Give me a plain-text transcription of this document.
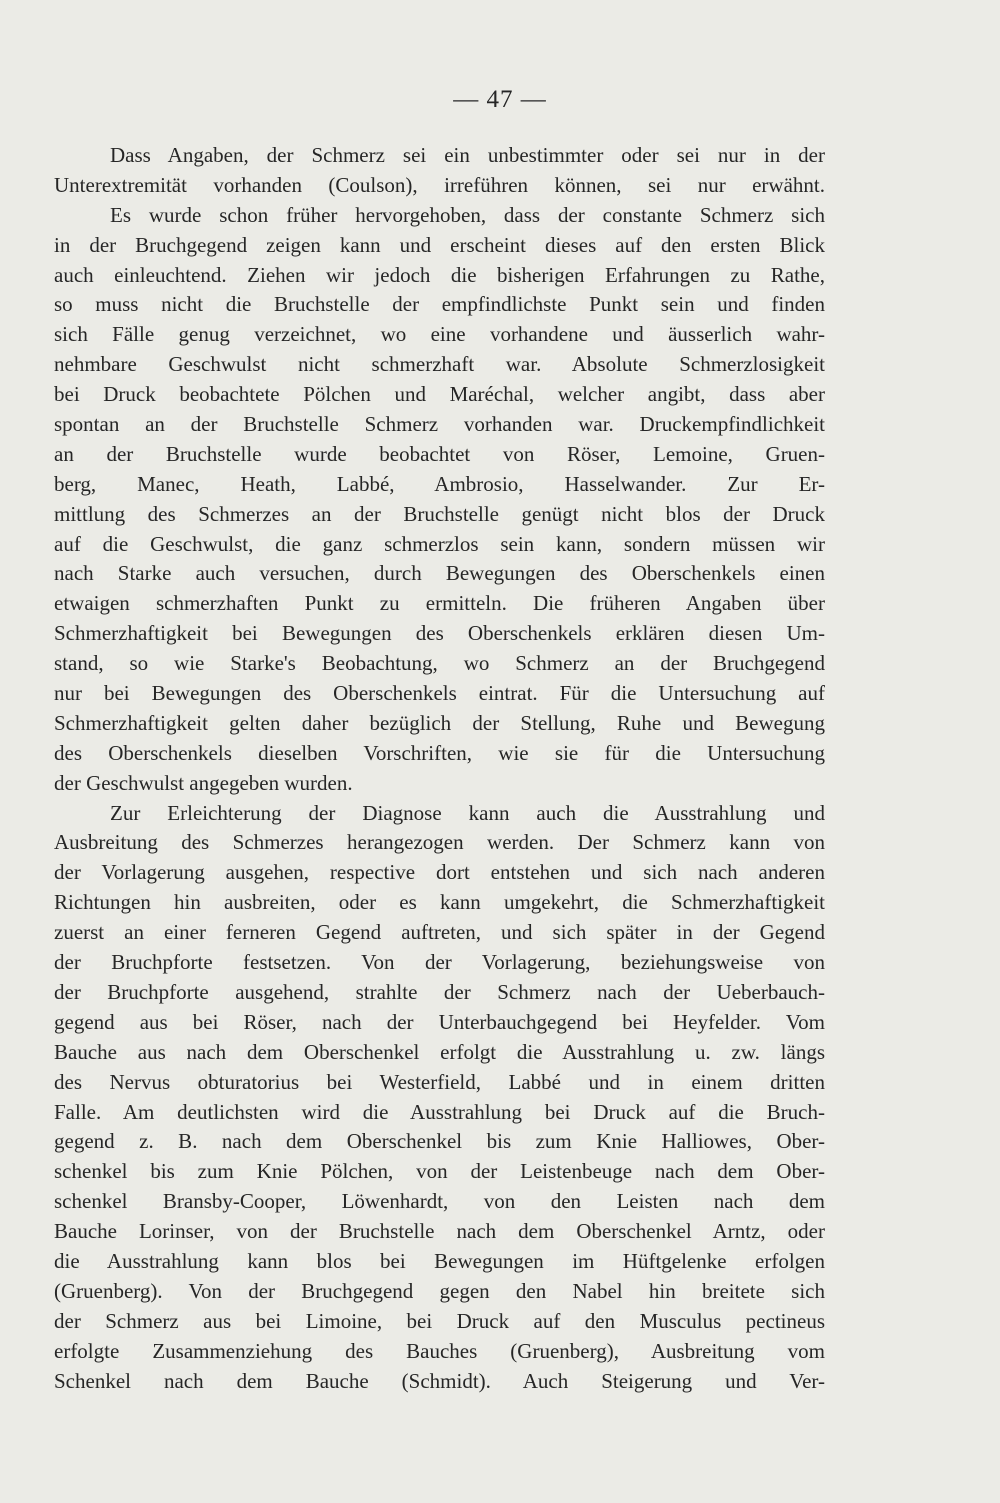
— 47 —
Dass Angaben, der Schmerz sei ein unbestimmter oder sei nur in der
Unterextremität vorhanden (Coulson), irreführen können, sei nur erwähnt.
Es wurde schon früher hervorgehoben, dass der constante Schmerz sich
in der Bruchgegend zeigen kann und erscheint dieses auf den ersten Blick
auch einleuchtend. Ziehen wir jedoch die bisherigen Erfahrungen zu Rathe,
so muss nicht die Bruchstelle der empfindlichste Punkt sein und finden
sich Fälle genug verzeichnet, wo eine vorhandene und äusserlich wahr-
nehmbare Geschwulst nicht schmerzhaft war. Absolute Schmerzlosigkeit
bei Druck beobachtete Pölchen und Maréchal, welcher angibt, dass aber
spontan an der Bruchstelle Schmerz vorhanden war. Druckempfindlichkeit
an der Bruchstelle wurde beobachtet von Röser, Lemoine, Gruen-
berg, Manec, Heath, Labbé, Ambrosio, Hasselwander. Zur Er-
mittlung des Schmerzes an der Bruchstelle genügt nicht blos der Druck
auf die Geschwulst, die ganz schmerzlos sein kann, sondern müssen wir
nach Starke auch versuchen, durch Bewegungen des Oberschenkels einen
etwaigen schmerzhaften Punkt zu ermitteln. Die früheren Angaben über
Schmerzhaftigkeit bei Bewegungen des Oberschenkels erklären diesen Um-
stand, so wie Starke's Beobachtung, wo Schmerz an der Bruchgegend
nur bei Bewegungen des Oberschenkels eintrat. Für die Untersuchung auf
Schmerzhaftigkeit gelten daher bezüglich der Stellung, Ruhe und Bewegung
des Oberschenkels dieselben Vorschriften, wie sie für die Untersuchung
der Geschwulst angegeben wurden.
Zur Erleichterung der Diagnose kann auch die Ausstrahlung und
Ausbreitung des Schmerzes herangezogen werden. Der Schmerz kann von
der Vorlagerung ausgehen, respective dort entstehen und sich nach anderen
Richtungen hin ausbreiten, oder es kann umgekehrt, die Schmerzhaftigkeit
zuerst an einer ferneren Gegend auftreten, und sich später in der Gegend
der Bruchpforte festsetzen. Von der Vorlagerung, beziehungsweise von
der Bruchpforte ausgehend, strahlte der Schmerz nach der Ueberbauch-
gegend aus bei Röser, nach der Unterbauchgegend bei Heyfelder. Vom
Bauche aus nach dem Oberschenkel erfolgt die Ausstrahlung u. zw. längs
des Nervus obturatorius bei Westerfield, Labbé und in einem dritten
Falle. Am deutlichsten wird die Ausstrahlung bei Druck auf die Bruch-
gegend z. B. nach dem Oberschenkel bis zum Knie Halliowes, Ober-
schenkel bis zum Knie Pölchen, von der Leistenbeuge nach dem Ober-
schenkel Bransby-Cooper, Löwenhardt, von den Leisten nach dem
Bauche Lorinser, von der Bruchstelle nach dem Oberschenkel Arntz, oder
die Ausstrahlung kann blos bei Bewegungen im Hüftgelenke erfolgen
(Gruenberg). Von der Bruchgegend gegen den Nabel hin breitete sich
der Schmerz aus bei Limoine, bei Druck auf den Musculus pectineus
erfolgte Zusammenziehung des Bauches (Gruenberg), Ausbreitung vom
Schenkel nach dem Bauche (Schmidt). Auch Steigerung und Ver-
